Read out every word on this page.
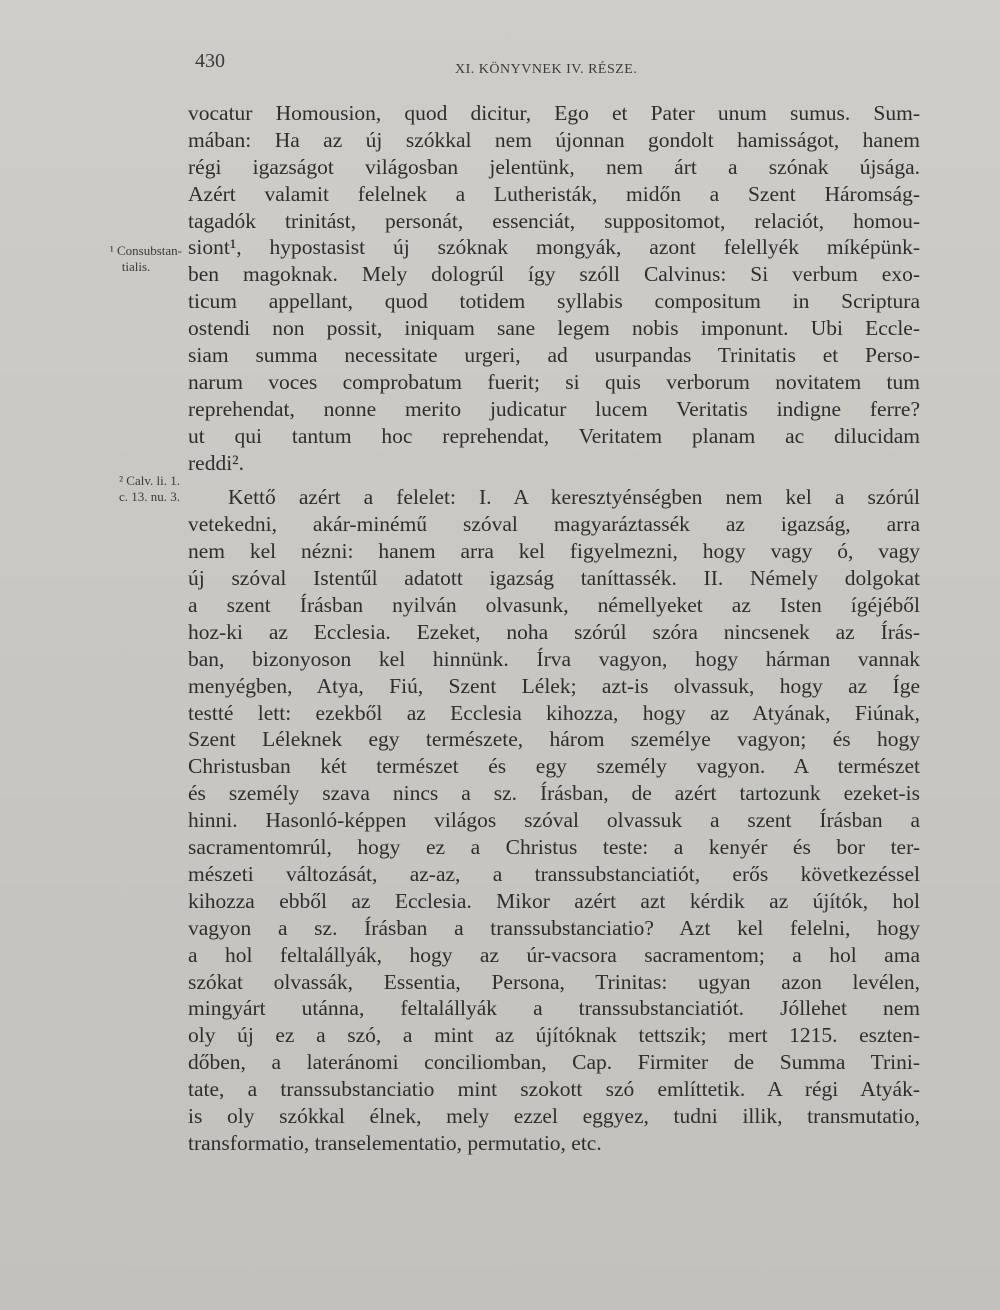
430	XI. KÖNYVNEK IV. RÉSZE.
¹ Consubstan-
tialis.
² Calv. li. 1.
c. 13. nu. 3.
vocatur Homousion, quod dicitur, Ego et Pater unum sumus. Sum-
mában: Ha az új szókkal nem újonnan gondolt hamisságot, hanem
régi igazságot világosban jelentünk, nem árt a szónak újsága.
Azért valamit felelnek a Lutheristák, midőn a Szent Háromság-
tagadók trinitást, personát, essenciát, suppositomot, relaciót, homou-
siont¹, hypostasist új szóknak mongyák, azont felellyék míképünk-
ben magoknak. Mely dologrúl így szóll Calvinus: Si verbum exo-
ticum appellant, quod totidem syllabis compositum in Scriptura
ostendi non possit, iniquam sane legem nobis imponunt. Ubi Eccle-
siam summa necessitate urgeri, ad usurpandas Trinitatis et Perso-
narum voces comprobatum fuerit; si quis verborum novitatem tum
reprehendat, nonne merito judicatur lucem Veritatis indigne ferre?
ut qui tantum hoc reprehendat, Veritatem planam ac dilucidam
reddi².
Kettő azért a felelet: I. A keresztyénségben nem kel a szórúl
vetekedni, akár-minémű szóval magyaráztassék az igazság, arra
nem kel nézni: hanem arra kel figyelmezni, hogy vagy ó, vagy
új szóval Istentűl adatott igazság taníttassék. II. Némely dolgokat
a szent Írásban nyilván olvasunk, némellyeket az Isten ígéjéből
hoz-ki az Ecclesia. Ezeket, noha szórúl szóra nincsenek az Írás-
ban, bizonyoson kel hinnünk. Írva vagyon, hogy hárman vannak
menyégben, Atya, Fiú, Szent Lélek; azt-is olvassuk, hogy az Íge
testté lett: ezekből az Ecclesia kihozza, hogy az Atyának, Fiúnak,
Szent Léleknek egy természete, három személye vagyon; és hogy
Christusban két természet és egy személy vagyon. A természet
és személy szava nincs a sz. Írásban, de azért tartozunk ezeket-is
hinni. Hasonló-képpen világos szóval olvassuk a szent Írásban a
sacramentomrúl, hogy ez a Christus teste: a kenyér és bor ter-
mészeti változását, az-az, a transsubstanciatiót, erős következéssel
kihozza ebből az Ecclesia. Mikor azért azt kérdik az újítók, hol
vagyon a sz. Írásban a transsubstanciatio? Azt kel felelni, hogy
a hol feltalállyák, hogy az úr-vacsora sacramentom; a hol ama
szókat olvassák, Essentia, Persona, Trinitas: ugyan azon levélen,
mingyárt utánna, feltalállyák a transsubstanciatiót. Jóllehet nem
oly új ez a szó, a mint az újítóknak tettszik; mert 1215. eszten-
dőben, a lateránomi conciliomban, Cap. Firmiter de Summa Trini-
tate, a transsubstanciatio mint szokott szó említtetik. A régi Atyák-
is oly szókkal élnek, mely ezzel eggyez, tudni illik, transmutatio,
transformatio, transelementatio, permutatio, etc.
